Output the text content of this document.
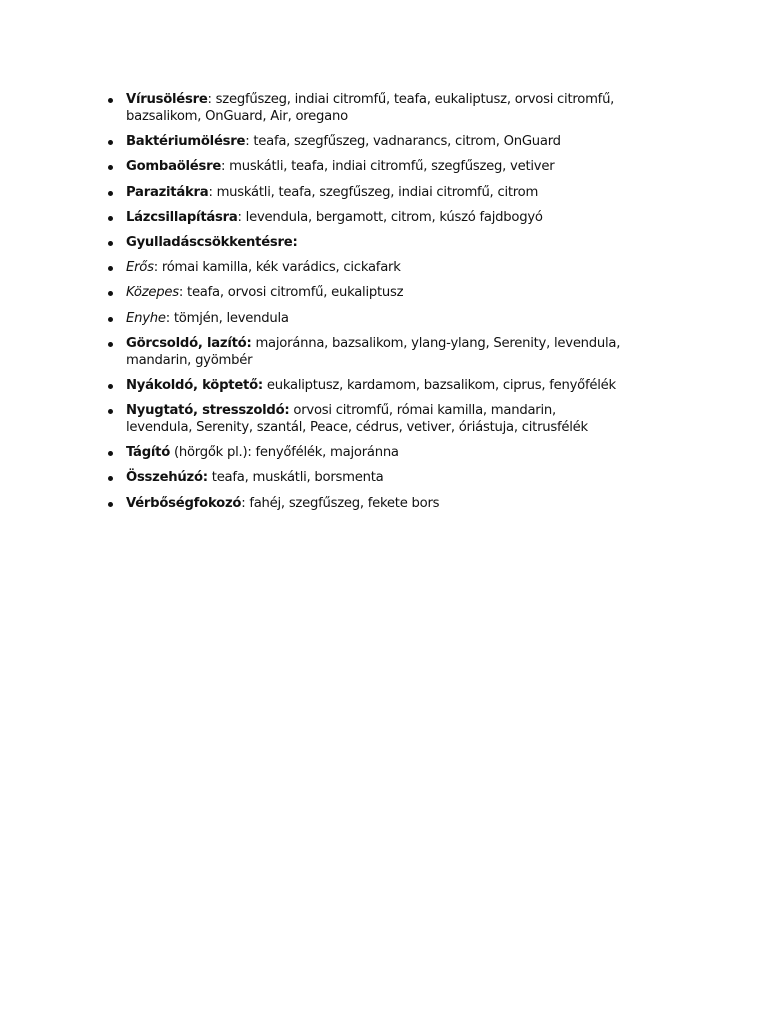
Vírusölésre: szegfűszeg, indiai citromfű, teafa, eukaliptusz, orvosi citromfű, bazsalikom, OnGuard, Air, oregano
Baktériumölésre: teafa, szegfűszeg, vadnarancs, citrom, OnGuard
Gombaölésre: muskátli, teafa, indiai citromfű, szegfűszeg, vetiver
Parazitákra: muskátli, teafa, szegfűszeg, indiai citromfű, citrom
Lázcsillapításra: levendula, bergamott, citrom, kúszó fajdbogyó
Gyulladáscsökkentésre:
Erős: római kamilla, kék varádics, cickafark
Közepes: teafa, orvosi citromfű, eukaliptusz
Enyhe: tömjén, levendula
Görcsoldó, lazító: majoránna, bazsalikom, ylang-ylang, Serenity, levendula, mandarin, gyömbér
Nyákoldó, köptető: eukaliptusz, kardamom, bazsalikom, ciprus, fenyőfélék
Nyugtató, stresszoldó: orvosi citromfű, római kamilla, mandarin, levendula, Serenity, szantál, Peace, cédrus, vetiver, óriástuja, citrusfélék
Tágító (hörgők pl.): fenyőfélék, majoránna
Összehúzó: teafa, muskátli, borsmenta
Vérbőségfokozó: fahéj, szegfűszeg, fekete bors
